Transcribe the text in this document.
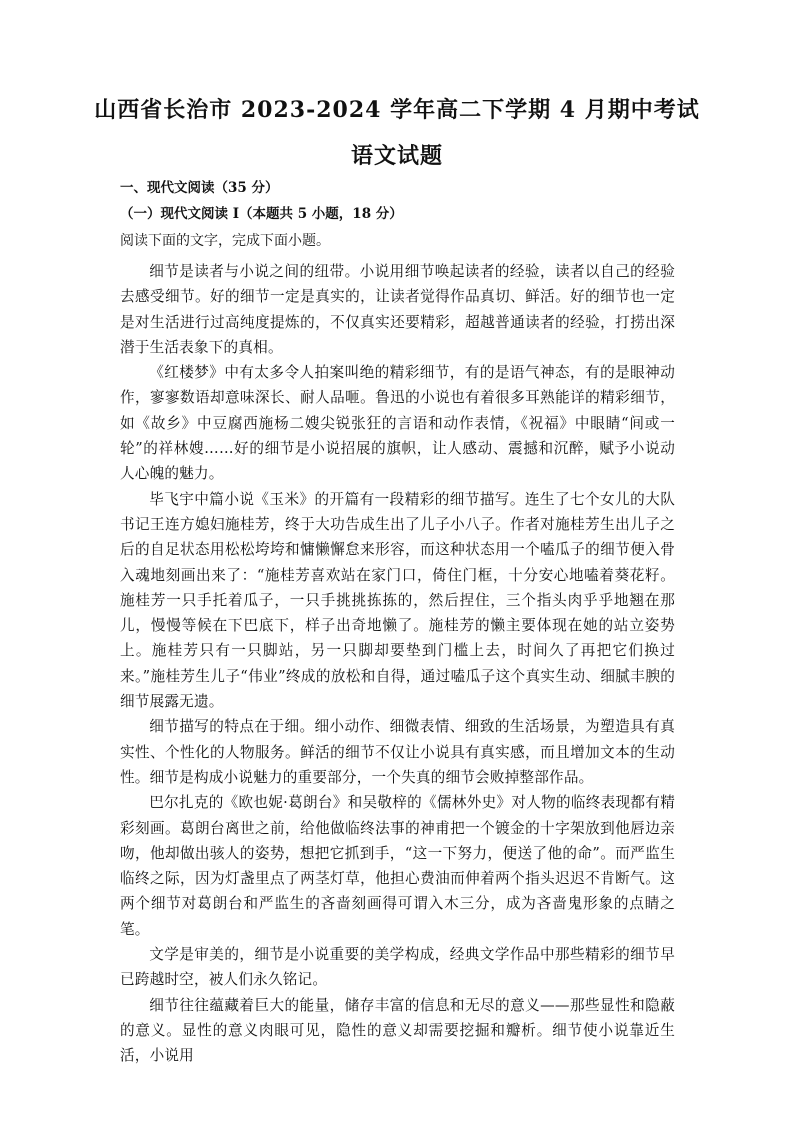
山西省长治市 2023-2024 学年高二下学期 4 月期中考试
语文试题
一、现代文阅读（35 分）
（一）现代文阅读 I（本题共 5 小题，18 分）
阅读下面的文字，完成下面小题。

细节是读者与小说之间的纽带。小说用细节唤起读者的经验，读者以自己的经验去感受细节。好的细节一定是真实的，让读者觉得作品真切、鲜活。好的细节也一定是对生活进行过高纯度提炼的，不仅真实还要精彩，超越普通读者的经验，打捞出深潜于生活表象下的真相。

《红楼梦》中有太多令人拍案叫绝的精彩细节，有的是语气神态，有的是眼神动作，寥寥数语却意味深长、耐人品咂。鲁迅的小说也有着很多耳熟能详的精彩细节，如《故乡》中豆腐西施杨二嫂尖锐张狂的言语和动作表情，《祝福》中眼睛“间或一轮”的祥林嫂……好的细节是小说招展的旗帜，让人感动、震撼和沉醉，赋予小说动人心魄的魅力。

毕飞宇中篇小说《玉米》的开篇有一段精彩的细节描写。连生了七个女儿的大队书记王连方媳妇施桂芳，终于大功告成生出了儿子小八子。作者对施桂芳生出儿子之后的自足状态用松松垮垮和慵懒懈怠来形容，而这种状态用一个嗑瓜子的细节便入骨入魂地刻画出来了：“施桂芳喜欢站在家门口，倚住门框，十分安心地嗑着葵花籽。施桂芳一只手托着瓜子，一只手挑挑拣拣的，然后捏住，三个指头肉乎乎地翘在那儿，慢慢等候在下巴底下，样子出奇地懒了。施桂芳的懒主要体现在她的站立姿势上。施桂芳只有一只脚站，另一只脚却要垫到门槛上去，时间久了再把它们换过来。”施桂芳生儿子“伟业”终成的放松和自得，通过嗑瓜子这个真实生动、细腻丰腴的细节展露无遗。

细节描写的特点在于细。细小动作、细微表情、细致的生活场景，为塑造具有真实性、个性化的人物服务。鲜活的细节不仅让小说具有真实感，而且增加文本的生动性。细节是构成小说魅力的重要部分，一个失真的细节会败掉整部作品。

巴尔扎克的《欧也妮·葛朗台》和吴敬梓的《儒林外史》对人物的临终表现都有精彩刻画。葛朗台离世之前，给他做临终法事的神甫把一个镀金的十字架放到他唇边亲吻，他却做出骇人的姿势，想把它抓到手，“这一下努力，便送了他的命”。而严监生临终之际，因为灯盏里点了两茎灯草，他担心费油而伸着两个指头迟迟不肯断气。这两个细节对葛朗台和严监生的吝啬刻画得可谓入木三分，成为吝啬鬼形象的点睛之笔。

文学是审美的，细节是小说重要的美学构成，经典文学作品中那些精彩的细节早已跨越时空，被人们永久铭记。

细节往往蕴藏着巨大的能量，储存丰富的信息和无尽的意义——那些显性和隐蔽的意义。显性的意义肉眼可见，隐性的意义却需要挖掘和瓣析。细节使小说靠近生活，小说用
